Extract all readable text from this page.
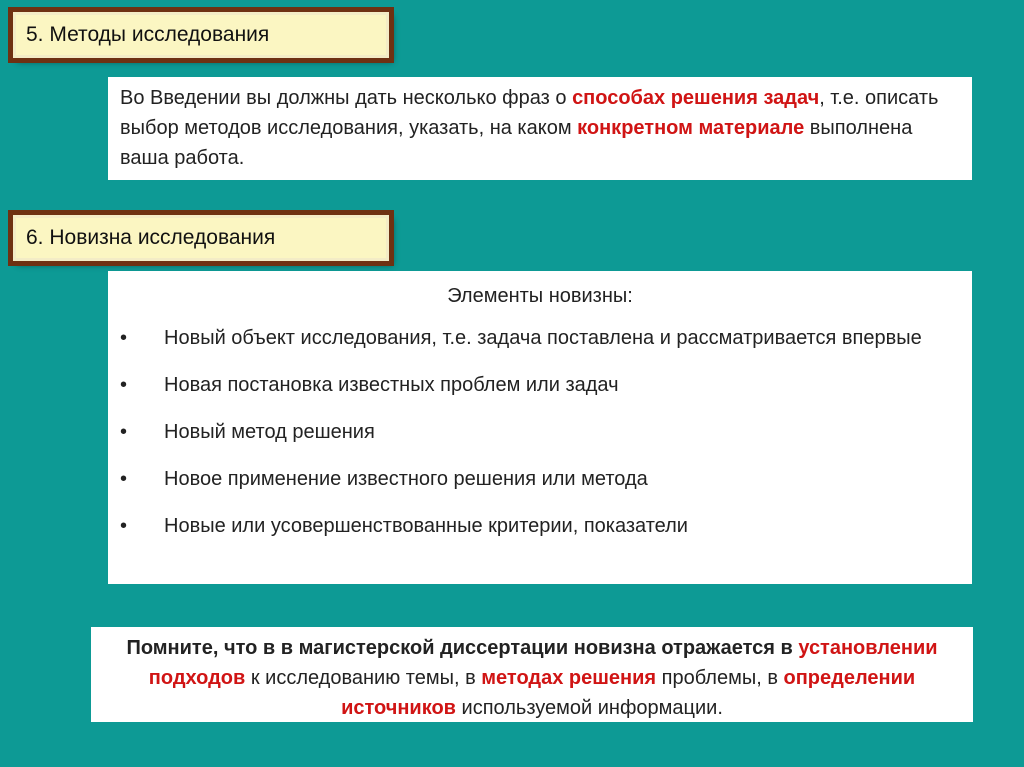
5. Методы исследования
Во Введении вы должны дать несколько фраз о способах решения задач, т.е. описать выбор методов исследования, указать, на каком конкретном материале выполнена ваша работа.
6. Новизна исследования
Элементы новизны:
•	Новый объект исследования, т.е. задача поставлена и рассматривается впервые
•	Новая постановка известных проблем или задач
•	Новый метод решения
•	Новое применение известного решения или метода
•	Новые или усовершенствованные критерии, показатели
Помните, что в в магистерской диссертации новизна отражается в установлении подходов к исследованию темы, в методах решения проблемы, в определении источников используемой информации.
